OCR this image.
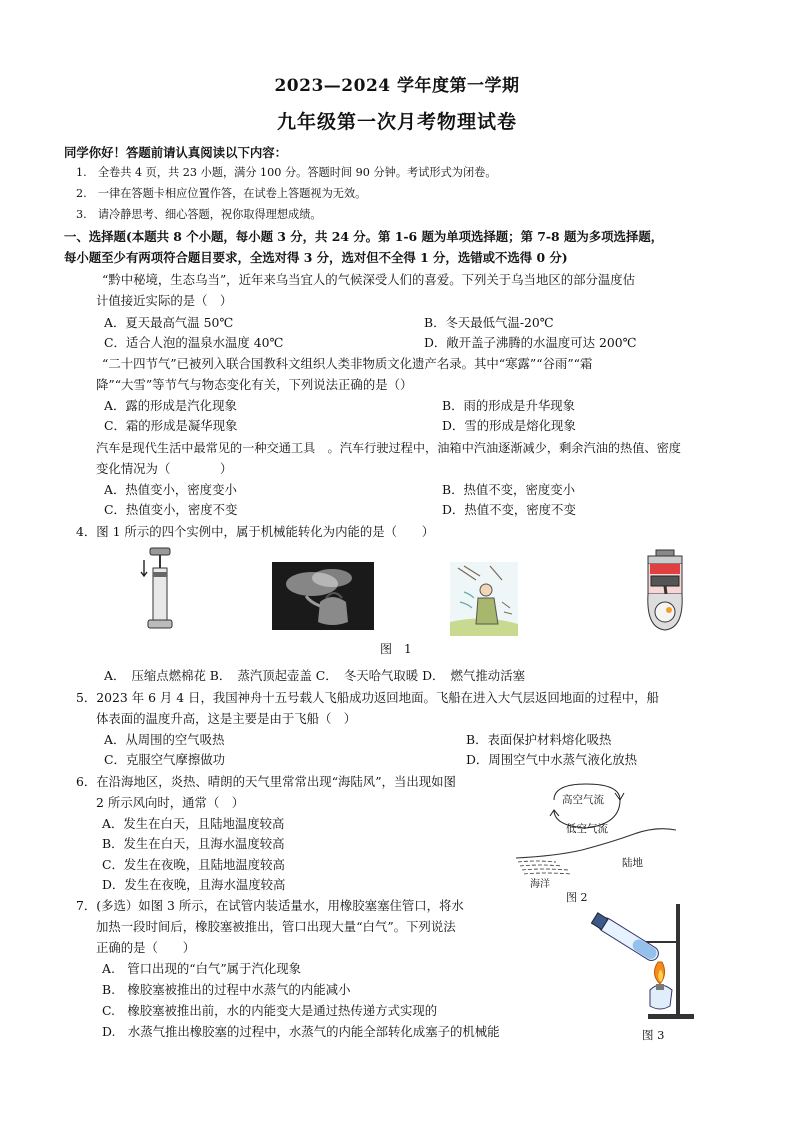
2023—2024 学年度第一学期
九年级第一次月考物理试卷
同学你好！答题前请认真阅读以下内容：
1.　全卷共 4 页，共 23 小题，满分 100 分。答题时间 90 分钟。考试形式为闭卷。
2.　一律在答题卡相应位置作答，在试卷上答题视为无效。
3.　请冷静思考、细心答题，祝你取得理想成绩。
一、选择题(本题共 8 个小题，每小题 3 分，共 24 分。第 1-6 题为单项选择题；第 7-8 题为多项选择题，
每小题至少有两项符合题目要求，全选对得 3 分，选对但不全得 1 分，选错或不选得 0 分)
“黔中秘境，生态乌当”，近年来乌当宜人的气候深受人们的喜爱。下列关于乌当地区的部分温度估
计值接近实际的是（　）
A．夏天最高气温 50℃	B．冬天最低气温-20℃
C．适合人泡的温泉水温度 40℃	D．敞开盖子沸腾的水温度可达 200℃
“二十四节气”已被列入联合国教科文组织人类非物质文化遗产名录。其中“寒露”“谷雨”“霜
降”“大雪”等节气与物态变化有关，下列说法正确的是（）
A．露的形成是汽化现象	B．雨的形成是升华现象
C．霜的形成是凝华现象	D．雪的形成是熔化现象
汽车是现代生活中最常见的一种交通工具　。汽车行驶过程中，油箱中汽油逐渐减少，剩余汽油的热值、密度
变化情况为（　　　　）
A．热值变小，密度变小	B．热值不变，密度变小
C．热值变小，密度不变	D．热值不变，密度不变
4．图 1 所示的四个实例中，属于机械能转化为内能的是（　　）
图　1
A．　压缩点燃棉花 B．　蒸汽顶起壶盖 C．　冬天哈气取暖 D．　燃气推动活塞
5．2023 年 6 月 4 日，我国神舟十五号载人飞船成功返回地面。飞船在进入大气层返回地面的过程中，船
体表面的温度升高，这是主要是由于飞船（　）
A．从周围的空气吸热	B．表面保护材料熔化吸热
C．克服空气摩擦做功	D．周围空气中水蒸气液化放热
6．在沿海地区，炎热、晴朗的天气里常常出现“海陆风”，当出现如图
2 所示风向时，通常（　）
A．发生在白天，且陆地温度较高
B．发生在白天，且海水温度较高
C．发生在夜晚，且陆地温度较高
D．发生在夜晚，且海水温度较高
高空气流
低空气流
陆地
海洋
图 2
7．(多选）如图 3 所示，在试管内装适量水，用橡胶塞塞住管口，将水
加热一段时间后，橡胶塞被推出，管口出现大量“白气”。下列说法
正确的是（　　）
A.　管口出现的“白气”属于汽化现象
B.　橡胶塞被推出的过程中水蒸气的内能减小
C.　橡胶塞被推出前，水的内能变大是通过热传递方式实现的
D.　水蒸气推出橡胶塞的过程中，水蒸气的内能全部转化成塞子的机械能	图 3
